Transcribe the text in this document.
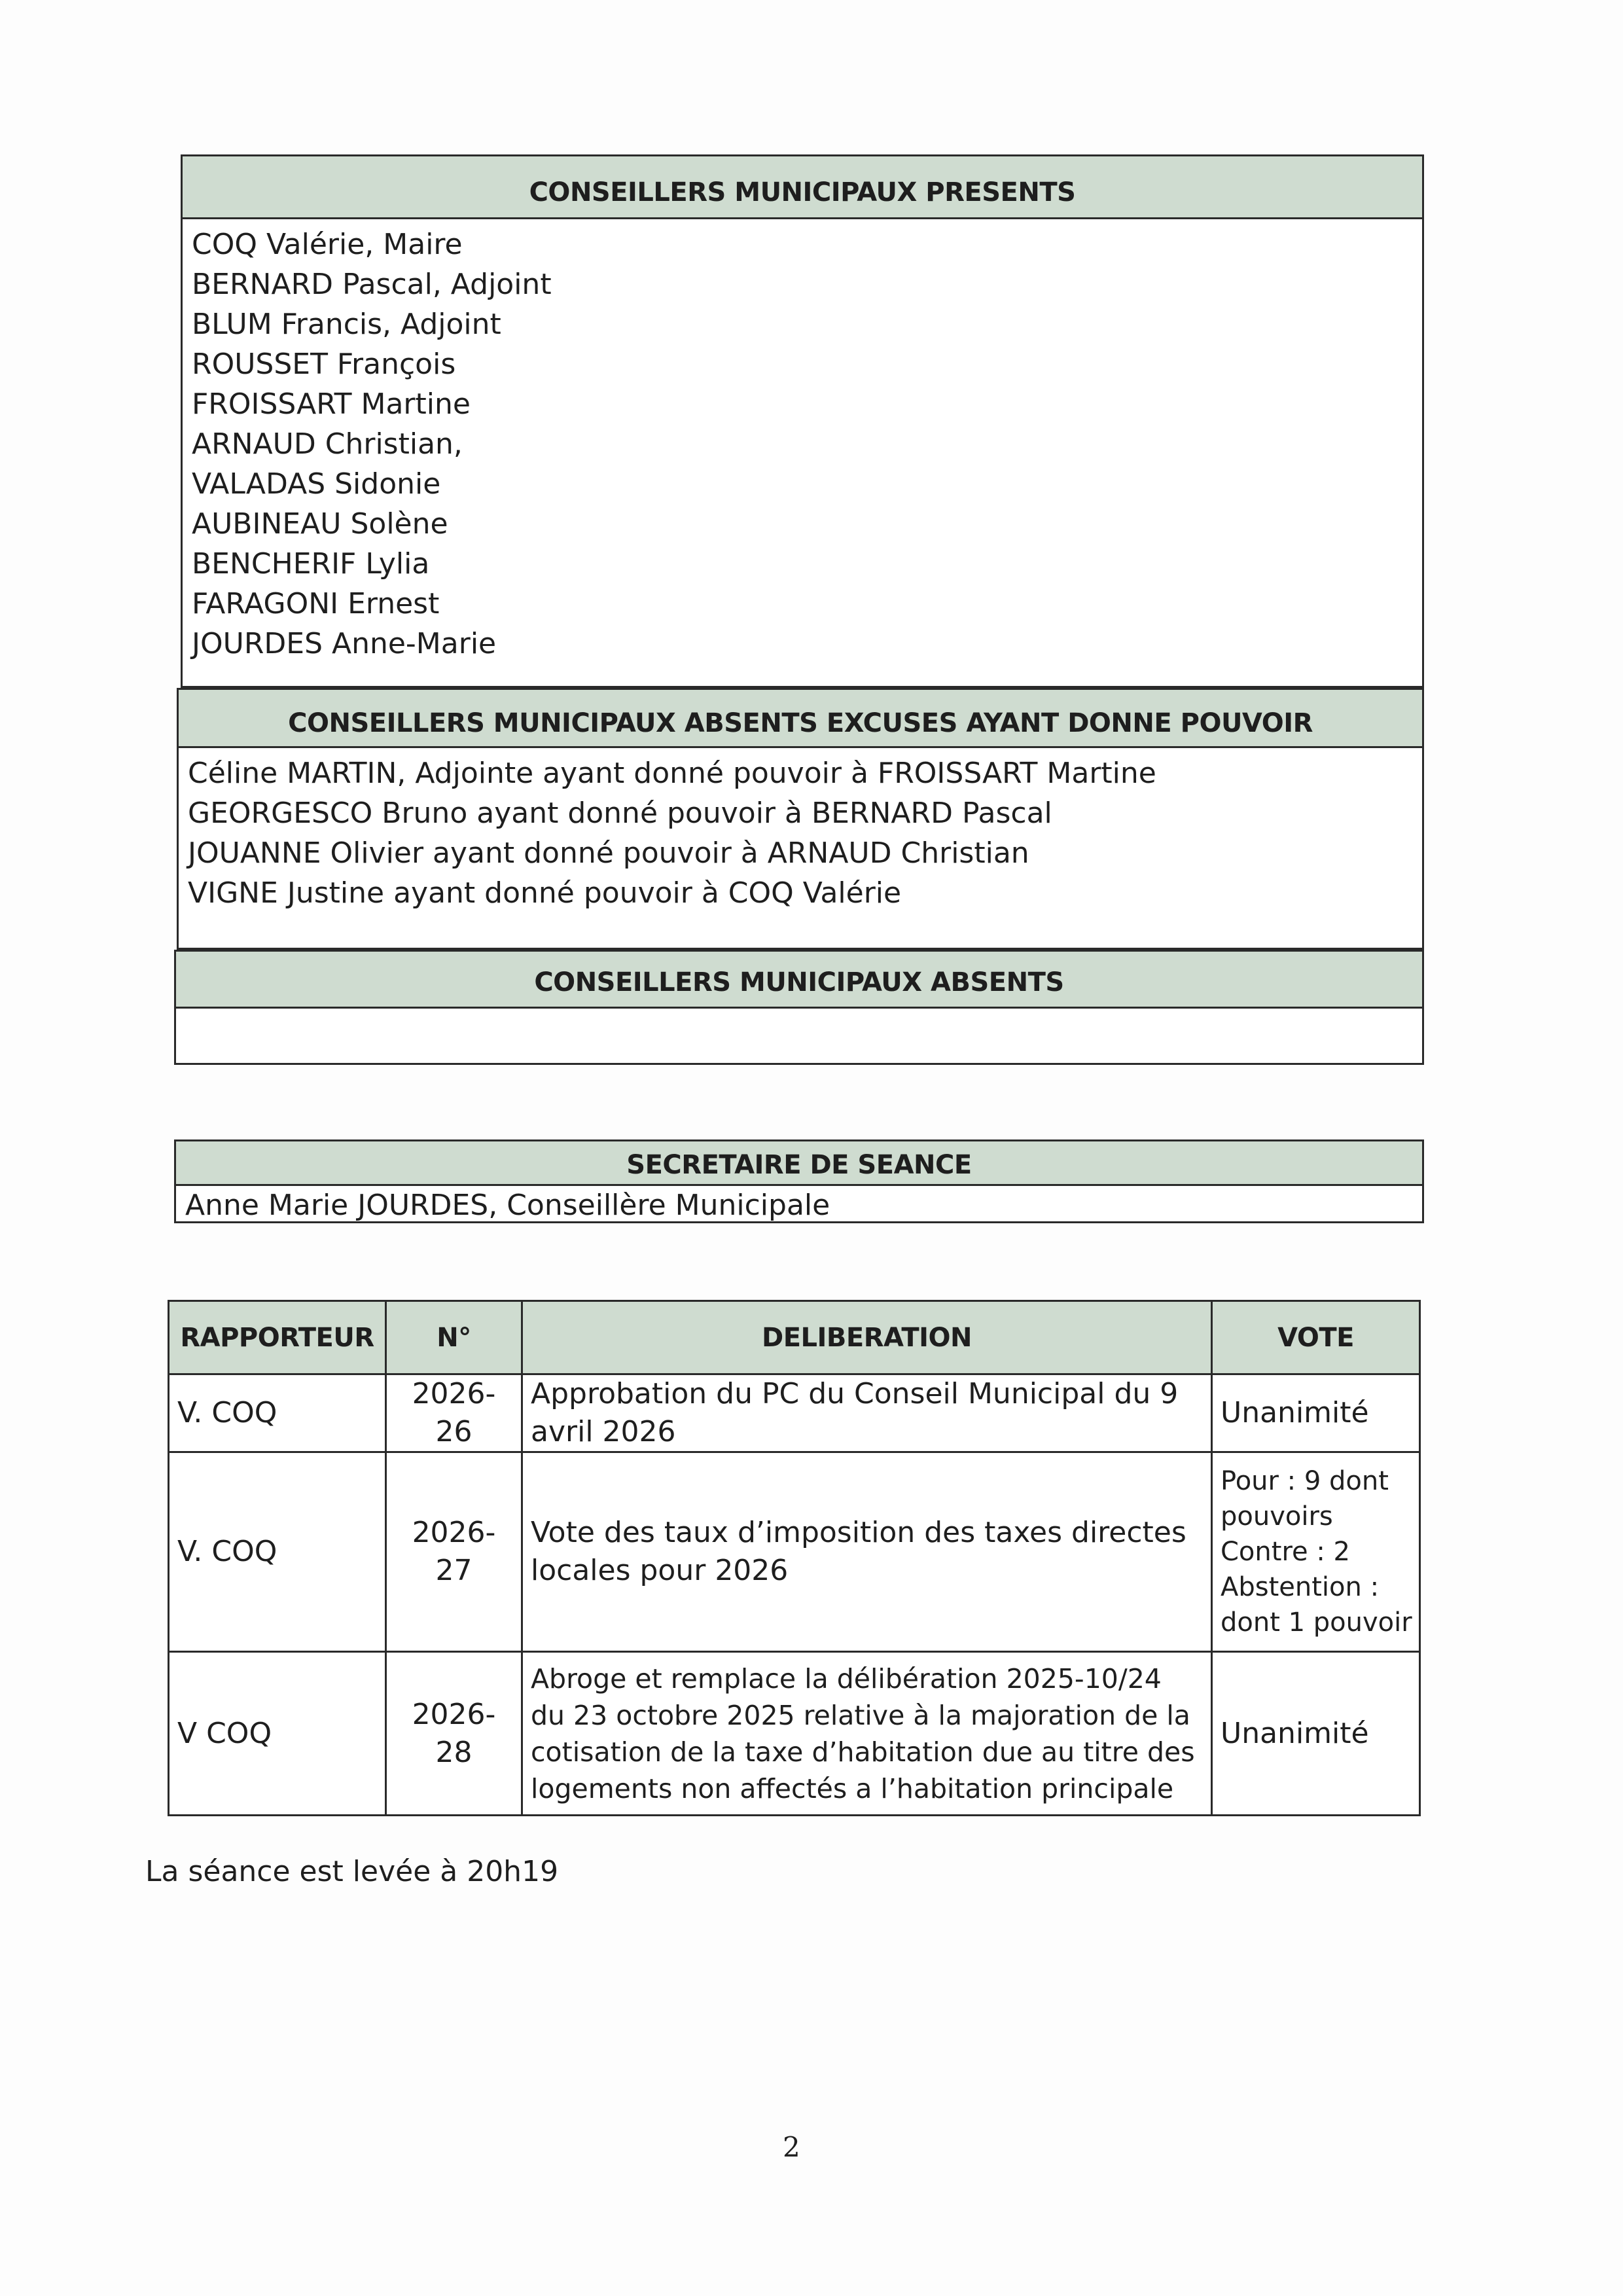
CONSEILLERS MUNICIPAUX PRESENTS
COQ Valérie, Maire
BERNARD Pascal, Adjoint
BLUM Francis, Adjoint
ROUSSET François
FROISSART Martine
ARNAUD Christian,
VALADAS Sidonie
AUBINEAU Solène
BENCHERIF Lylia
FARAGONI Ernest
JOURDES Anne-Marie
CONSEILLERS MUNICIPAUX ABSENTS EXCUSES AYANT DONNE POUVOIR
Céline MARTIN, Adjointe ayant donné pouvoir à FROISSART Martine
GEORGESCO Bruno ayant donné pouvoir à BERNARD Pascal
JOUANNE Olivier ayant donné pouvoir à ARNAUD Christian
VIGNE Justine ayant donné pouvoir à COQ Valérie
CONSEILLERS MUNICIPAUX ABSENTS
SECRETAIRE DE SEANCE
Anne Marie JOURDES, Conseillère Municipale
RAPPORTEUR	N°	DELIBERATION	VOTE
V. COQ	2026-26	Approbation du PC du Conseil Municipal du 9 avril 2026	Unanimité

V. COQ	2026-27	Vote des taux d’imposition des taxes directes locales pour 2026	Pour : 9 dont
pouvoirs
Contre : 2
Abstention :
dont 1 pouvoir

V COQ	2026-28	Abroge et remplace la délibération 2025-10/24 du 23 octobre 2025 relative à la majoration de la cotisation de la taxe d’habitation due au titre des logements non affectés a l’habitation principale	Unanimité
La séance est levée à 20h19
2
